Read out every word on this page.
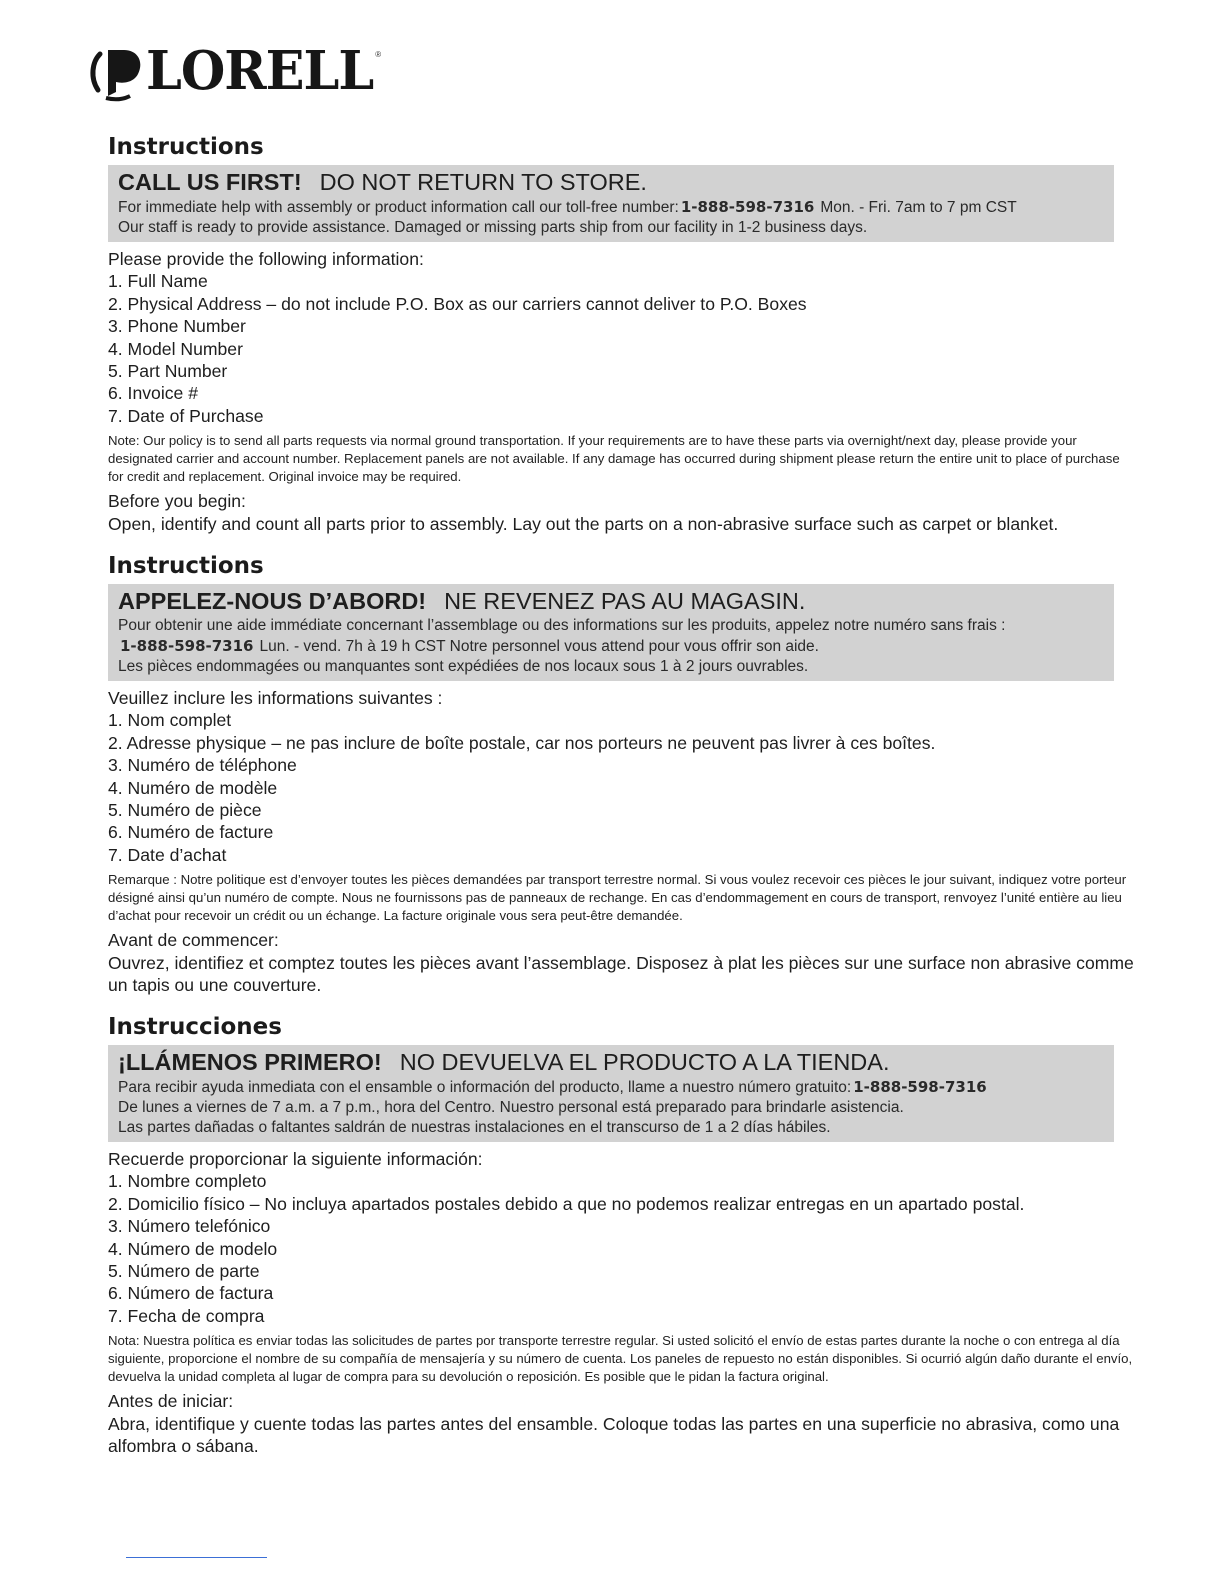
LORELL ®
Instructions
CALL US FIRST! DO NOT RETURN TO STORE.
For immediate help with assembly or product information call our toll-free number: 1-888-598-7316 Mon. - Fri. 7am to 7 pm CST
Our staff is ready to provide assistance. Damaged or missing parts ship from our facility in 1-2 business days.
Please provide the following information:
1. Full Name
2. Physical Address – do not include P.O. Box as our carriers cannot deliver to P.O. Boxes
3. Phone Number
4. Model Number
5. Part Number
6. Invoice #
7. Date of Purchase
Note: Our policy is to send all parts requests via normal ground transportation. If your requirements are to have these parts via overnight/next day, please provide your designated carrier and account number. Replacement panels are not available. If any damage has occurred during shipment please return the entire unit to place of purchase for credit and replacement. Original invoice may be required.
Before you begin:
Open, identify and count all parts prior to assembly. Lay out the parts on a non-abrasive surface such as carpet or blanket.
Instructions
APPELEZ-NOUS D’ABORD! NE REVENEZ PAS AU MAGASIN.
Pour obtenir une aide immédiate concernant l’assemblage ou des informations sur les produits, appelez notre numéro sans frais :
1-888-598-7316 Lun. - vend. 7h à 19 h CST Notre personnel vous attend pour vous offrir son aide.
Les pièces endommagées ou manquantes sont expédiées de nos locaux sous 1 à 2 jours ouvrables.
Veuillez inclure les informations suivantes :
1. Nom complet
2. Adresse physique – ne pas inclure de boîte postale, car nos porteurs ne peuvent pas livrer à ces boîtes.
3. Numéro de téléphone
4. Numéro de modèle
5. Numéro de pièce
6. Numéro de facture
7. Date d’achat
Remarque : Notre politique est d’envoyer toutes les pièces demandées par transport terrestre normal. Si vous voulez recevoir ces pièces le jour suivant, indiquez votre porteur désigné ainsi qu’un numéro de compte. Nous ne fournissons pas de panneaux de rechange. En cas d’endommagement en cours de transport, renvoyez l’unité entière au lieu d’achat pour recevoir un crédit ou un échange. La facture originale vous sera peut-être demandée.
Avant de commencer:
Ouvrez, identifiez et comptez toutes les pièces avant l’assemblage. Disposez à plat les pièces sur une surface non abrasive comme un tapis ou une couverture.
Instrucciones
¡LLÁMENOS PRIMERO! NO DEVUELVA EL PRODUCTO A LA TIENDA.
Para recibir ayuda inmediata con el ensamble o información del producto, llame a nuestro número gratuito: 1-888-598-7316
De lunes a viernes de 7 a.m. a 7 p.m., hora del Centro. Nuestro personal está preparado para brindarle asistencia.
Las partes dañadas o faltantes saldrán de nuestras instalaciones en el transcurso de 1 a 2 días hábiles.
Recuerde proporcionar la siguiente información:
1. Nombre completo
2. Domicilio físico – No incluya apartados postales debido a que no podemos realizar entregas en un apartado postal.
3. Número telefónico
4. Número de modelo
5. Número de parte
6. Número de factura
7. Fecha de compra
Nota: Nuestra política es enviar todas las solicitudes de partes por transporte terrestre regular. Si usted solicitó el envío de estas partes durante la noche o con entrega al día siguiente, proporcione el nombre de su compañía de mensajería y su número de cuenta. Los paneles de repuesto no están disponibles. Si ocurrió algún daño durante el envío, devuelva la unidad completa al lugar de compra para su devolución o reposición. Es posible que le pidan la factura original.
Antes de iniciar:
Abra, identifique y cuente todas las partes antes del ensamble. Coloque todas las partes en una superficie no abrasiva, como una alfombra o sábana.
